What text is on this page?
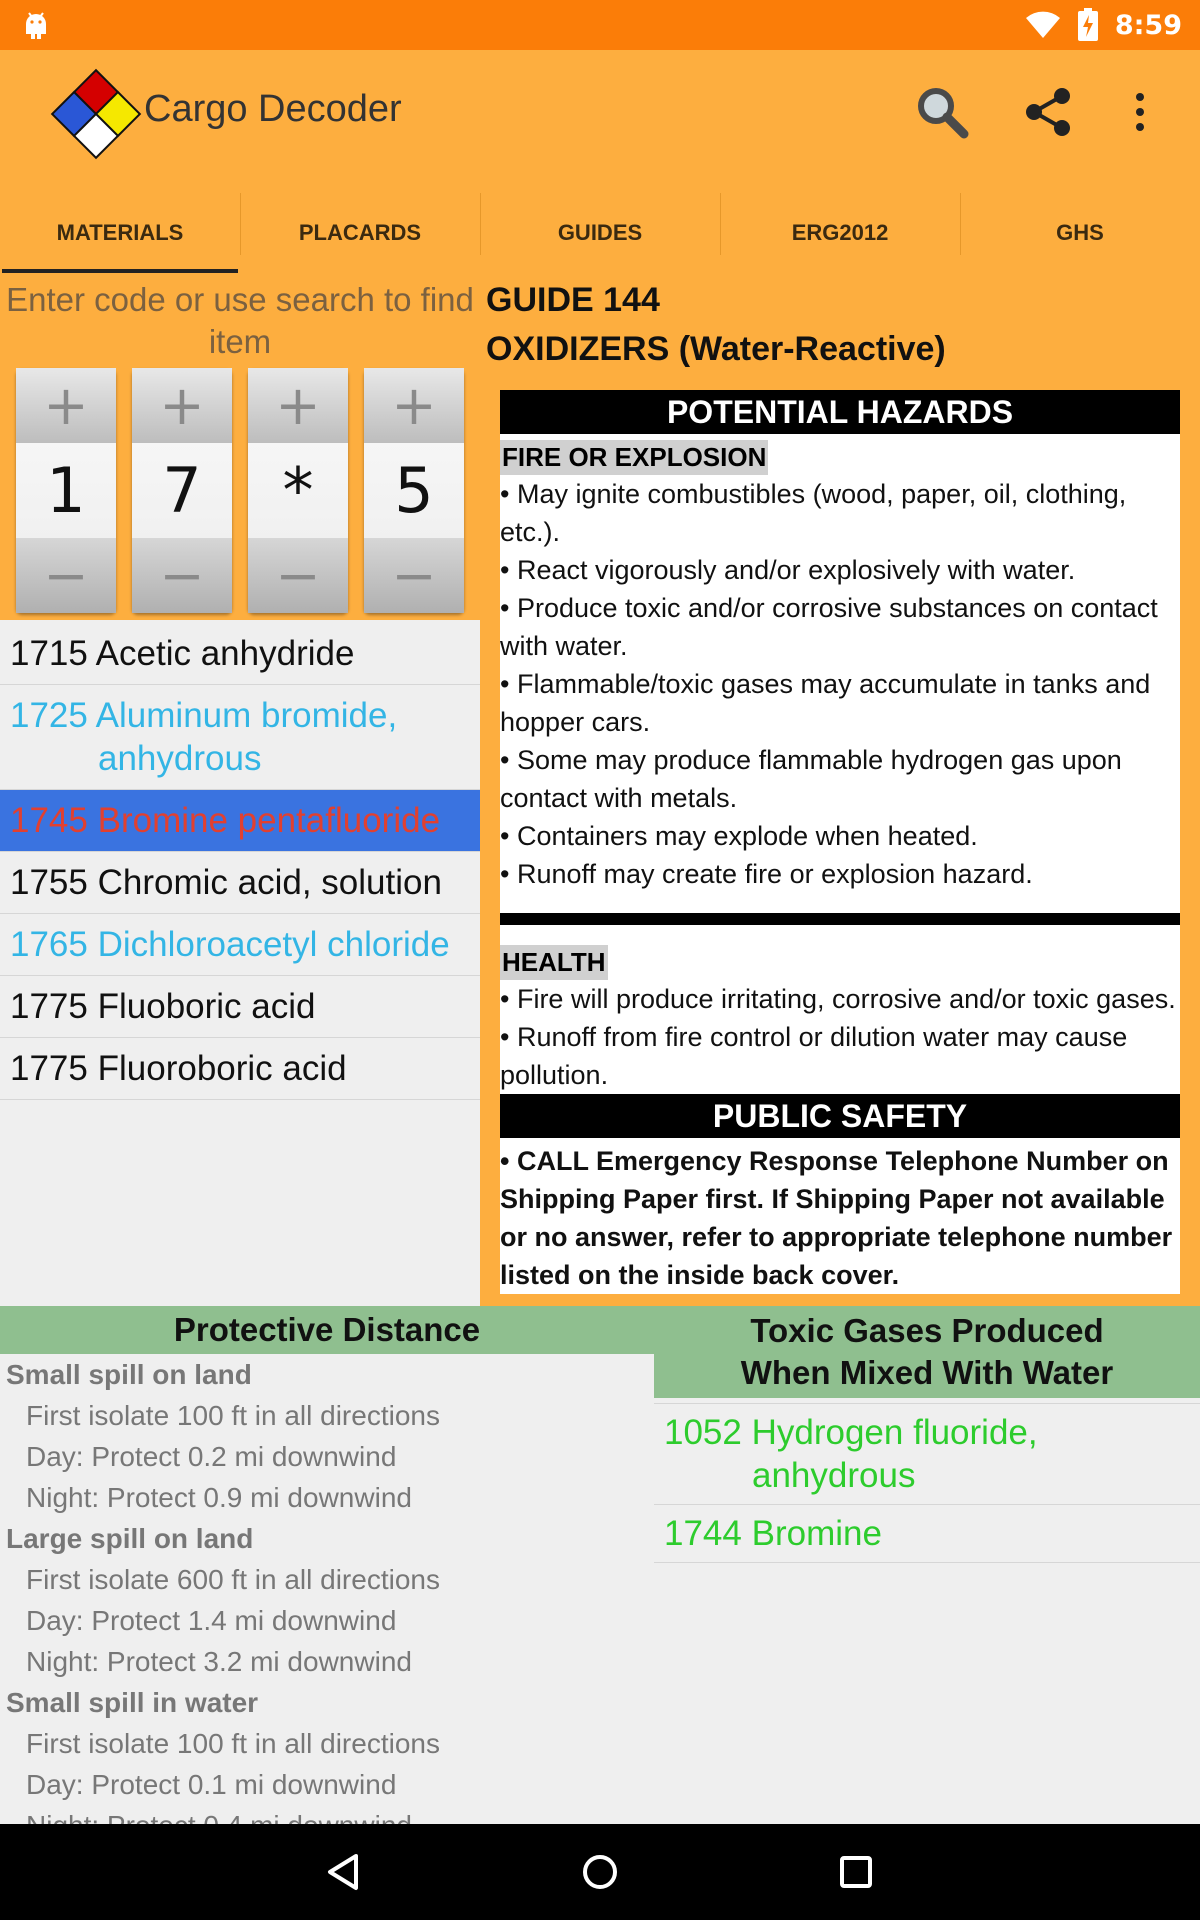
8:59
Cargo Decoder
MATERIALS	PLACARDS	GUIDES	ERG2012	GHS
Enter code or use search to find item
+
1
−
+
7
−
+
*
−
+
5
−
1715 Acetic anhydride
1725 Aluminum bromide,
anhydrous
1745 Bromine pentafluoride
1755 Chromic acid, solution
1765 Dichloroacetyl chloride
1775 Fluoboric acid
1775 Fluoroboric acid
GUIDE 144
OXIDIZERS (Water-Reactive)
POTENTIAL HAZARDS
FIRE OR EXPLOSION
• May ignite combustibles (wood, paper, oil, clothing, etc.).
• React vigorously and/or explosively with water.
• Produce toxic and/or corrosive substances on contact with water.
• Flammable/toxic gases may accumulate in tanks and hopper cars.
• Some may produce flammable hydrogen gas upon contact with metals.
• Containers may explode when heated.
• Runoff may create fire or explosion hazard.
HEALTH
• Fire will produce irritating, corrosive and/or toxic gases.
• Runoff from fire control or dilution water may cause pollution.
PUBLIC SAFETY
• CALL Emergency Response Telephone Number on Shipping Paper first. If Shipping Paper not available or no answer, refer to appropriate telephone number listed on the inside back cover.
Protective Distance
Small spill on land
First isolate 100 ft in all directions
Day: Protect 0.2 mi downwind
Night: Protect 0.9 mi downwind
Large spill on land
First isolate 600 ft in all directions
Day: Protect 1.4 mi downwind
Night: Protect 3.2 mi downwind
Small spill in water
First isolate 100 ft in all directions
Day: Protect 0.1 mi downwind
Toxic Gases Produced
When Mixed With Water
1052 Hydrogen fluoride,
anhydrous
1744 Bromine
